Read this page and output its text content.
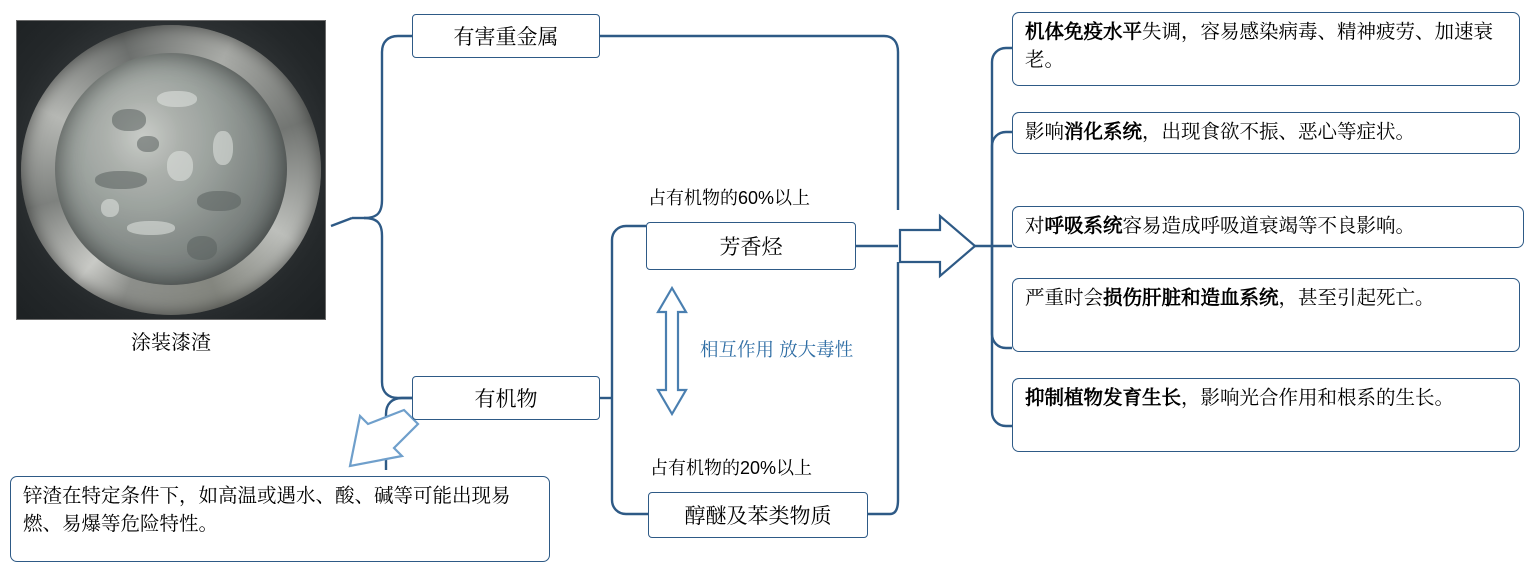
涂装漆渣
有害重金属
有机物
芳香烃
醇醚及苯类物质
占有机物的60%以上
占有机物的20%以上
相互作用 放大毒性
锌渣在特定条件下，如高温或遇水、酸、碱等可能出现易燃、易爆等危险特性。
机体免疫水平失调，容易感染病毒、精神疲劳、加速衰老。
影响消化系统，出现食欲不振、恶心等症状。
对呼吸系统容易造成呼吸道衰竭等不良影响。
严重时会损伤肝脏和造血系统，甚至引起死亡。
抑制植物发育生长，影响光合作用和根系的生长。
